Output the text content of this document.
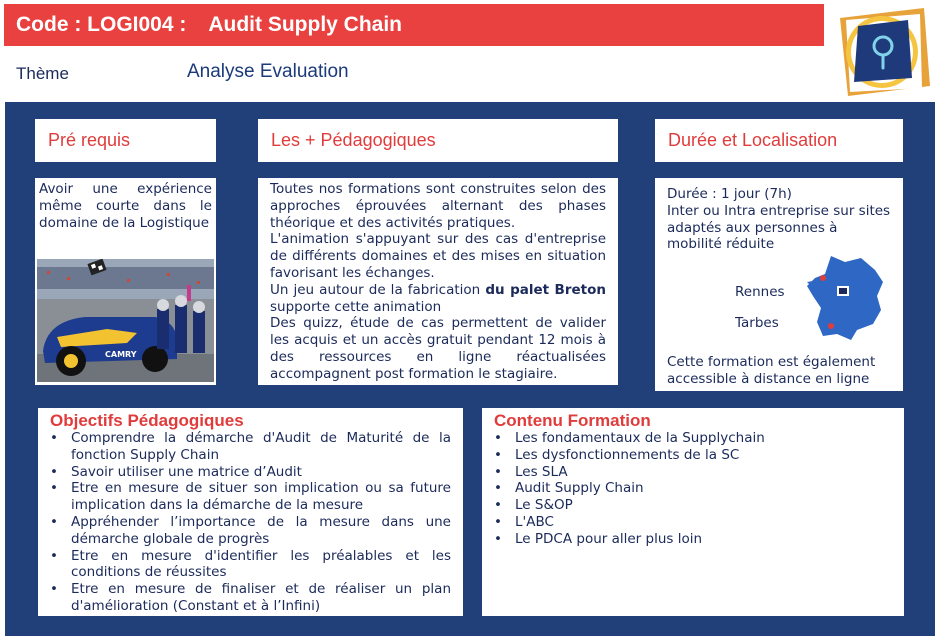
Code : LOGI004 : Audit Supply Chain
Thème	Analyse Evaluation
Pré requis
Avoir une expérience même courte dans le domaine de la Logistique
CAMRY
Les + Pédagogiques
Toutes nos formations sont construites selon des approches éprouvées alternant des phases théorique et des activités pratiques.
L'animation s'appuyant sur des cas d'entreprise de différents domaines et des mises en situation favorisant les échanges.
Un jeu autour de la fabrication du palet Breton supporte cette animation
Des quizz, étude de cas permettent de valider les acquis et un accès gratuit pendant 12 mois à des ressources en ligne réactualisées accompagnent post formation le stagiaire.
Durée et Localisation
Durée : 1 jour (7h)
Inter ou Intra entreprise sur sites adaptés aux personnes à mobilité réduite
Rennes
Tarbes
Cette formation est également accessible à distance en ligne
Objectifs Pédagogiques
• Comprendre la démarche d'Audit de Maturité de la fonction Supply Chain
• Savoir utiliser une matrice d’Audit
• Etre en mesure de situer son implication ou sa future implication dans la démarche de la mesure
• Appréhender l’importance de la mesure dans une démarche globale de progrès
• Etre en mesure d'identifier les préalables et les conditions de réussites
• Etre en mesure de finaliser et de réaliser un plan d'amélioration (Constant et à l’Infini)
Contenu Formation
• Les fondamentaux de la Supplychain
• Les dysfonctionnements de la SC
• Les SLA
• Audit Supply Chain
• Le S&OP
• L'ABC
• Le PDCA pour aller plus loin
